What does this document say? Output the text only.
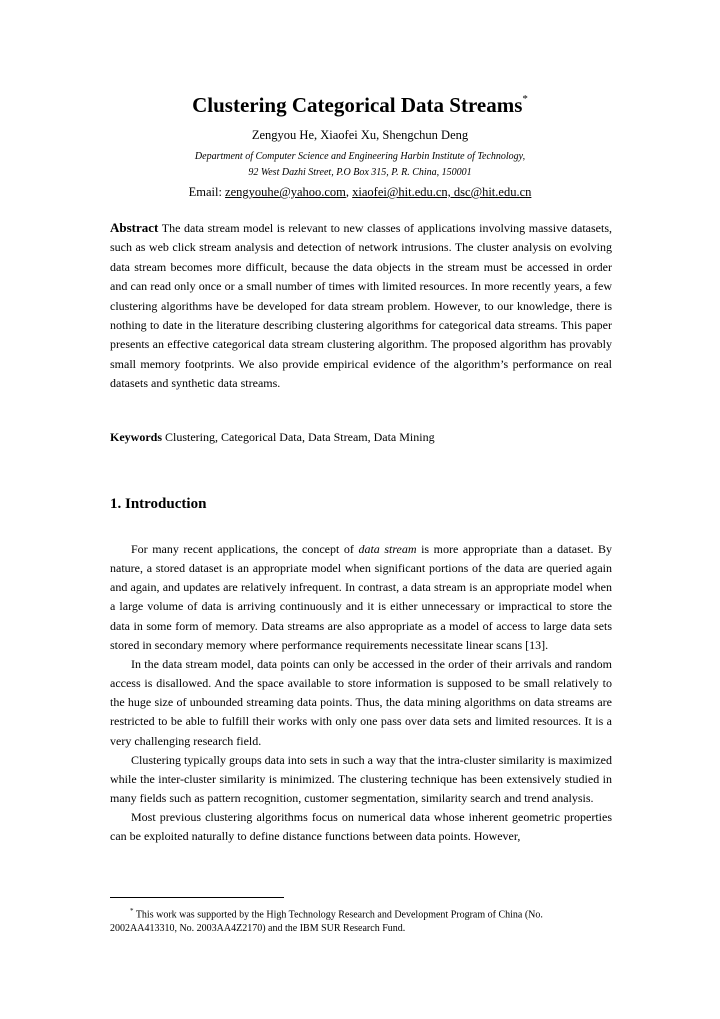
Clustering Categorical Data Streams*
Zengyou He, Xiaofei Xu, Shengchun Deng
Department of Computer Science and Engineering Harbin Institute of Technology,
92 West Dazhi Street, P.O Box 315, P. R. China, 150001
Email: zengyouhe@yahoo.com, xiaofei@hit.edu.cn, dsc@hit.edu.cn
Abstract The data stream model is relevant to new classes of applications involving massive datasets, such as web click stream analysis and detection of network intrusions. The cluster analysis on evolving data stream becomes more difficult, because the data objects in the stream must be accessed in order and can read only once or a small number of times with limited resources. In more recently years, a few clustering algorithms have be developed for data stream problem. However, to our knowledge, there is nothing to date in the literature describing clustering algorithms for categorical data streams. This paper presents an effective categorical data stream clustering algorithm. The proposed algorithm has provably small memory footprints. We also provide empirical evidence of the algorithm’s performance on real datasets and synthetic data streams.
Keywords Clustering, Categorical Data, Data Stream, Data Mining
1. Introduction

For many recent applications, the concept of data stream is more appropriate than a dataset. By nature, a stored dataset is an appropriate model when significant portions of the data are queried again and again, and updates are relatively infrequent. In contrast, a data stream is an appropriate model when a large volume of data is arriving continuously and it is either unnecessary or impractical to store the data in some form of memory. Data streams are also appropriate as a model of access to large data sets stored in secondary memory where performance requirements necessitate linear scans [13].

In the data stream model, data points can only be accessed in the order of their arrivals and random access is disallowed. And the space available to store information is supposed to be small relatively to the huge size of unbounded streaming data points. Thus, the data mining algorithms on data streams are restricted to be able to fulfill their works with only one pass over data sets and limited resources. It is a very challenging research field.

Clustering typically groups data into sets in such a way that the intra-cluster similarity is maximized while the inter-cluster similarity is minimized. The clustering technique has been extensively studied in many fields such as pattern recognition, customer segmentation, similarity search and trend analysis.

Most previous clustering algorithms focus on numerical data whose inherent geometric properties can be exploited naturally to define distance functions between data points. However,

* This work was supported by the High Technology Research and Development Program of China (No. 2002AA413310, No. 2003AA4Z2170) and the IBM SUR Research Fund.
